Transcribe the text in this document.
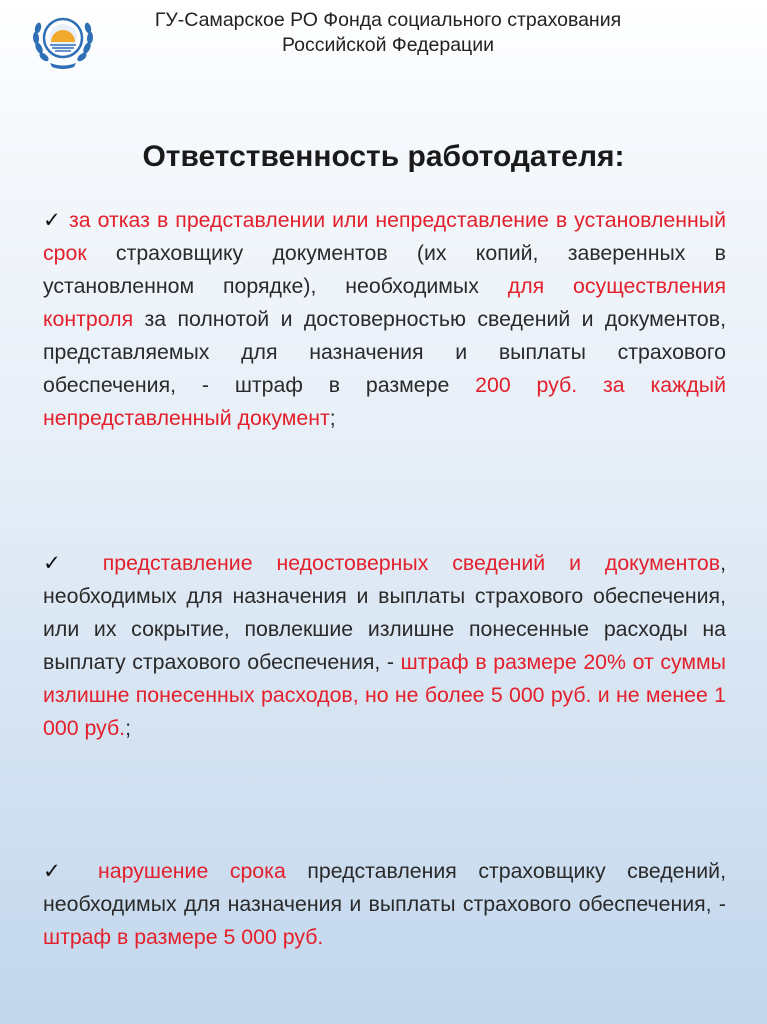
ГУ-Самарское РО Фонда социального страхования
Российской Федерации
Ответственность работодателя:
✓ за отказ в представлении или непредставление в установленный срок страховщику документов (их копий, заверенных в установленном порядке), необходимых для осуществления контроля за полнотой и достоверностью сведений и документов, представляемых для назначения и выплаты страхового обеспечения, - штраф в размере 200 руб. за каждый непредставленный документ;
✓ представление недостоверных сведений и документов, необходимых для назначения и выплаты страхового обеспечения, или их сокрытие, повлекшие излишне понесенные расходы на выплату страхового обеспечения, - штраф в размере 20% от суммы излишне понесенных расходов, но не более 5 000 руб. и не менее 1 000 руб.;
✓ нарушение срока представления страховщику сведений, необходимых для назначения и выплаты страхового обеспечения, - штраф в размере 5 000 руб.
